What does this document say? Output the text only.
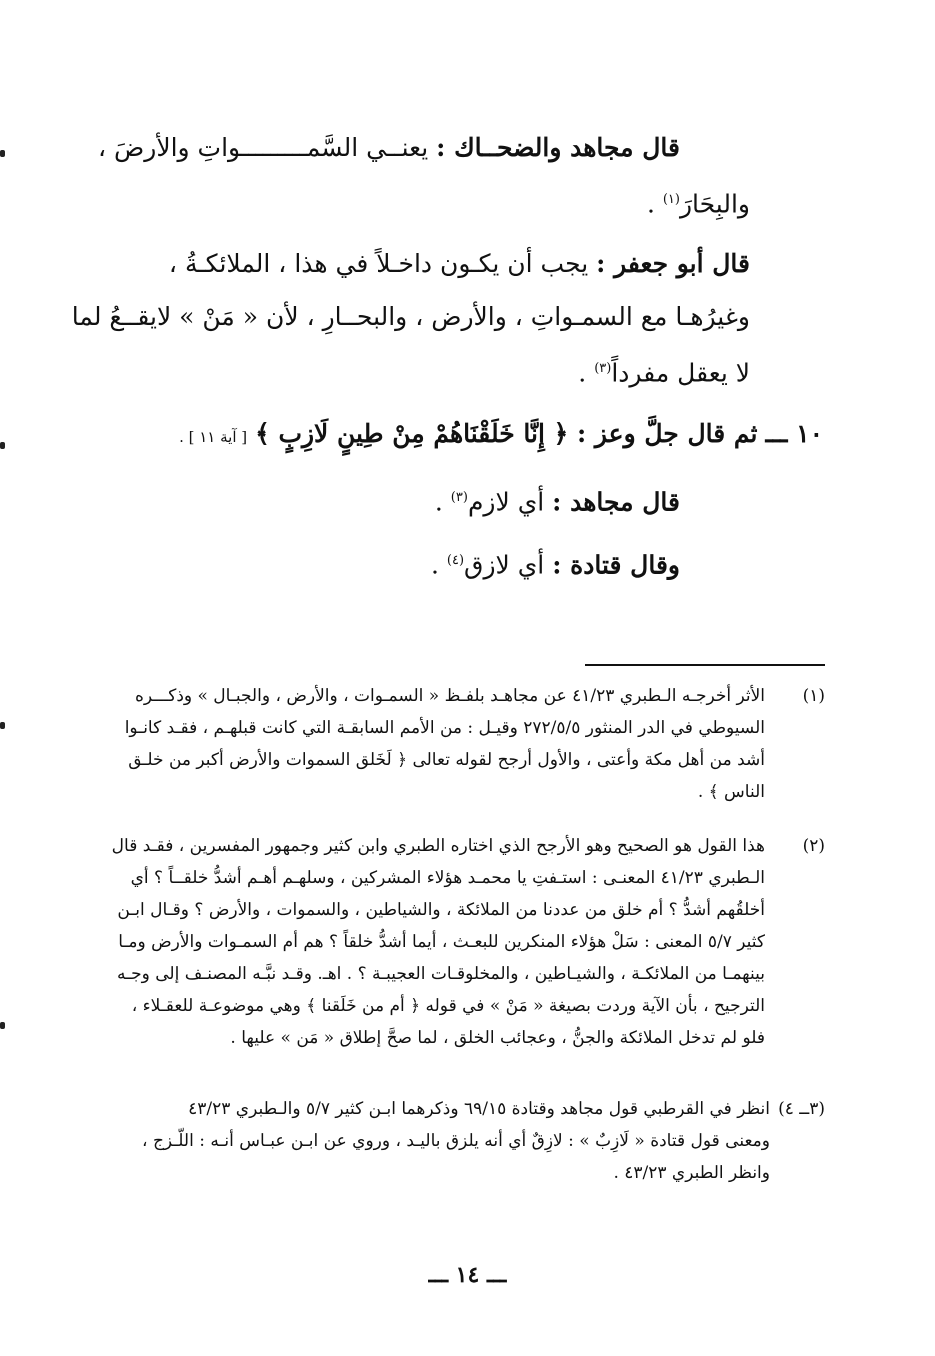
قال مجاهد والضحــاك : يعنــي السَّمـــــــــواتِ والأرضَ ،
والبِحَارَ$^{(١)}$ .
قال أبو جعفر : يجب أن يكـون داخـلاً في هذا ، الملائكـةُ ،
وغيرُهـا مع السمـواتِ ، والأرض ، والبحــارِ ، لأن « مَنْ » لايقــعُ لما
لا يعقل مفرداً$^{(٣)}$ .
١٠ ـــ ثم قال جلَّ وعز : ﴿ إِنَّا خَلَقْنَاهُمْ مِنْ طِينٍ لَازِبٍ ﴾ [ آية ١١ ] .
قال مجاهد : أي لازم$^{(٣)}$ .
وقال قتادة : أي لازق$^{(٤)}$ .
(١)
الأثر أخرجـه الـطبري ٤١/٢٣ عن مجاهـد بلفـظ « السمـوات ، والأرض ، والجبـال » وذكـــره
السيوطي في الدر المنثور ٢٧٢/٥/٥ وقيـل : من الأمم السابقـة التي كانت قبلهـم ، فقـد كانـوا
أشد من أهل مكة وأعتى ، والأول أرجح لقوله تعالى ﴿ لَخَلق السموات والأرض أكبر من خلـق
الناس ﴾ .
(٢)
هذا القول هو الصحيح وهو الأرجح الذي اختاره الطبري وابن كثير وجمهور المفسرين ، فقـد قال
الـطبري ٤١/٢٣ المعنـى : استـفتِ يا محمـد هؤلاء المشركين ، وسلهـم أهـم أشدُّ خلقــاً ؟ أي
أخلقُهم أشدُّ ؟ أم خلق من عددنا من الملائكة ، والشياطين ، والسموات ، والأرض ؟ وقـال ابـن
كثير ٥/٧ المعنى : سَلْ هؤلاء المنكرين للبعـث ، أيما أشدُّ خلقاً ؟ هم أم السمـوات والأرض ومـا
بينهمـا من الملائكـة ، والشيـاطين ، والمخلوقـات العجيبـة ؟ . اهـ. وقـد نبَّـه المصنـف إلى وجـه
الترجيح ، بأن الآية وردت بصيغة « مَنْ » في قوله ﴿ أم من خَلَقنا ﴾ وهي موضوعـة للعقـلاء ،
فلو لم تدخل الملائكة والجنُّ ، وعجائب الخلق ، لما صحَّ إطلاق « مَن » عليها .
(٣ــ ٤)
انظر في القرطبي قول مجاهد وقتادة ٦٩/١٥ وذكرهما ابـن كثير ٥/٧ والـطبري ٤٣/٢٣
ومعنى قول قتادة « لَازِبٌ » : لازِقٌ أي أنه يلزق باليـد ، وروي عن ابـن عبـاس أنـه : اللّـزج ،
وانظر الطبري ٤٣/٢٣ .
ـــ ١٤ ـــ
